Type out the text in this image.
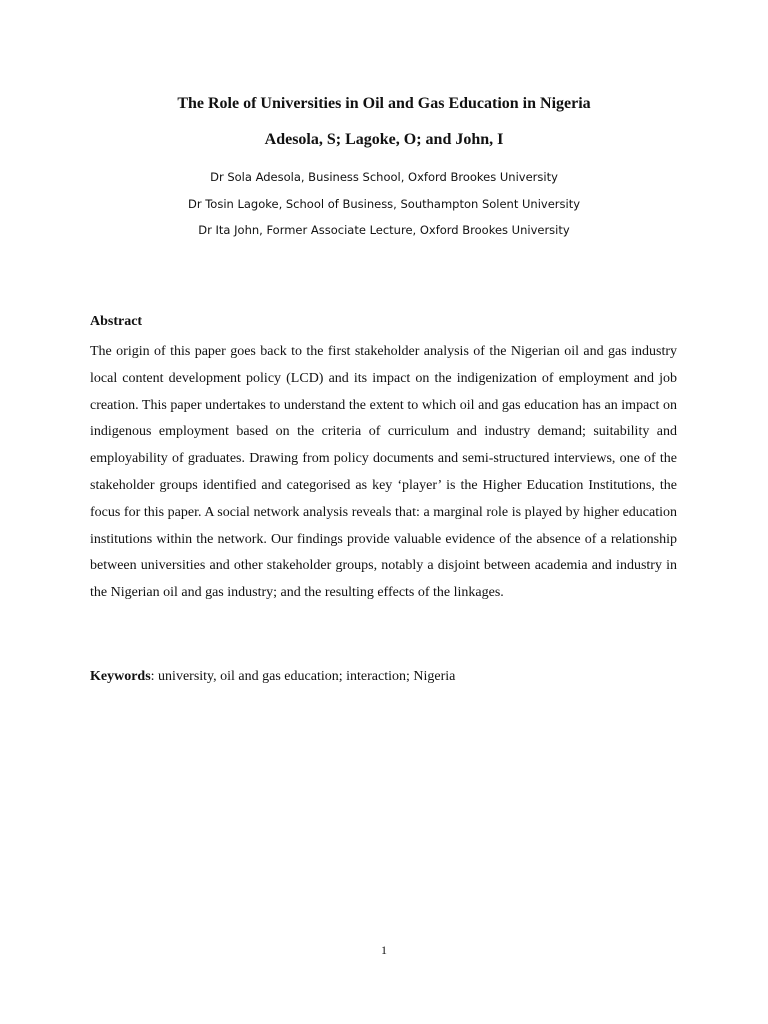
The Role of Universities in Oil and Gas Education in Nigeria
Adesola, S; Lagoke, O; and John, I
Dr Sola Adesola, Business School, Oxford Brookes University
Dr Tosin Lagoke, School of Business, Southampton Solent University
Dr Ita John, Former Associate Lecture, Oxford Brookes University
Abstract

The origin of this paper goes back to the first stakeholder analysis of the Nigerian oil and gas industry local content development policy (LCD) and its impact on the indigenization of employment and job creation. This paper undertakes to understand the extent to which oil and gas education has an impact on indigenous employment based on the criteria of curriculum and industry demand; suitability and employability of graduates. Drawing from policy documents and semi-structured interviews, one of the stakeholder groups identified and categorised as key ‘player’ is the Higher Education Institutions, the focus for this paper. A social network analysis reveals that: a marginal role is played by higher education institutions within the network. Our findings provide valuable evidence of the absence of a relationship between universities and other stakeholder groups, notably a disjoint between academia and industry in the Nigerian oil and gas industry; and the resulting effects of the linkages.

Keywords: university, oil and gas education; interaction; Nigeria
1
